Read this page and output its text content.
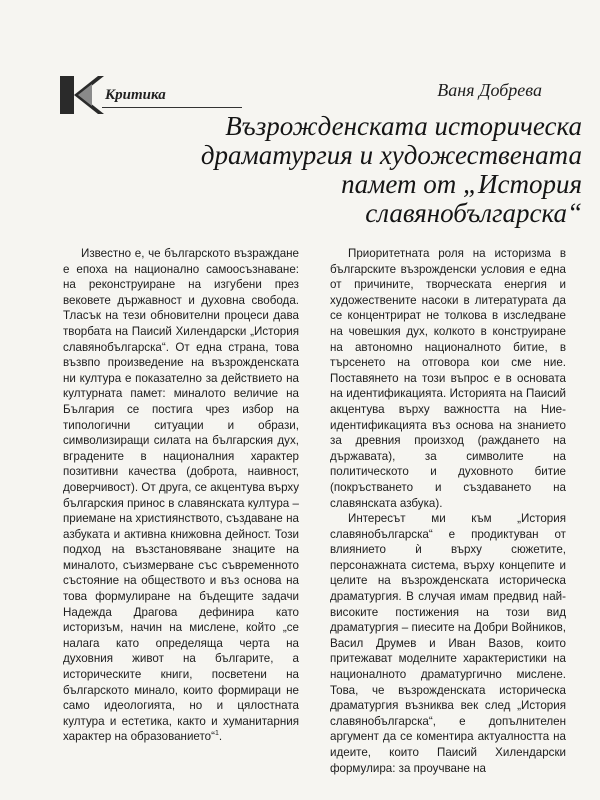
Критика	Ваня Добрева
Възрожденската историческа
драматургия и художествената
памет от „История
славянобългарска“

Известно е, че българското възраждане е епоха на национално самоосъзнаване: на реконструиране на изгубени през вековете държавност и духовна свобода. Тласък на тези обновителни процеси дава творбата на Паисий Хилендарски „История славянобългарска“. От една страна, това възвпо произведение на възрожденската ни култура е показателно за действието на културната памет: миналото величие на България се постига чрез избор на типологични ситуации и образи, символизиращи силата на българския дух, вградените в националния характер позитивни качества (доброта, наивност, доверчивост). От друга, се акцентува върху българския принос в славянската култура – приемане на християнството, създаване на азбуката и активна книжовна дейност. Този подход на възстановяване знаците на миналото, съизмерване със съвременното състояние на обществото и въз основа на това формулиране на бъдещите задачи Надежда Драгова дефинира като историзъм, начин на мислене, който „се налага като определяща черта на духовния живот на българите, а историческите книги, посветени на българското минало, които формираци не само идеологията, но и цялостната култура и естетика, както и хуманитарния характер на образованието“$^1$.

Приоритетната роля на историзма в българските възрожденски условия е една от причините, творческата енергия и художествените насоки в литературата да се концентрират не толкова в изследване на човешкия дух, колкото в конструиране на автономно националното битие, в търсенето на отговора кои сме ние. Поставянето на този въпрос е в основата на идентификацията. Историята на Паисий акцентува върху важността на Ние-идентификацията въз основа на знанието за древния произход (раждането на държавата), за символите на политическото и духовното битие (покръстването и създаването на славянската азбука).

Интересът ми към „История славянобългарска“ е продиктуван от влиянието ѝ върху сюжетите, персонажната система, върху концепите и целите на възрожденската историческа драматургия. В случая имам предвид най-високите постижения на този вид драматургия – пиесите на Добри Войников, Васил Друмев и Иван Вазов, които притежават моделните характеристики на националното драматургично мислене. Това, че възрожденската историческа драматургия възниква век след „История славянобългарска“, е допълнителен аргумент да се коментира актуалността на идеите, които Паисий Хилендарски формулира: за проучване на
